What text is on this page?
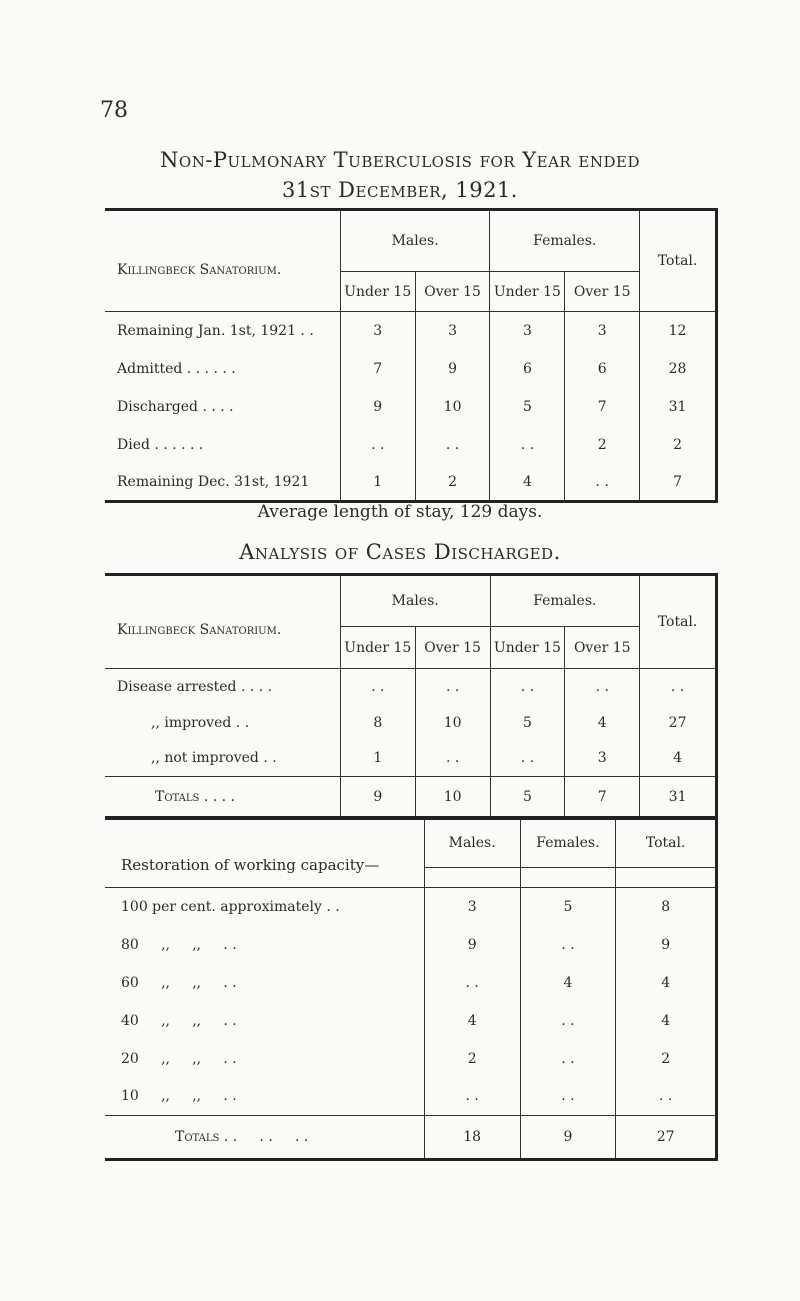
78
Non-Pulmonary Tuberculosis for Year ended
31st December, 1921.
Killingbeck Sanatorium.	Males.		Females.		Total.
	Under 15	Over 15	Under 15	Over 15	
Remaining Jan. 1st, 1921 . .	3	3	3	3	12
Admitted . . . . . .	7	9	6	6	28
Discharged . . . .	9	10	5	7	31
Died . . . . . .	. .	. .	. .	2	2
Remaining Dec. 31st, 1921	1	2	4	. .	7
Average length of stay, 129 days.
Analysis of Cases Discharged.
Killingbeck Sanatorium.	Males.		Females.		Total.
	Under 15	Over 15	Under 15	Over 15	
Disease arrested . . . .	. .	. .	. .	. .	. .
,, improved . .	8	10	5	4	27
,, not improved . .	1	. .	. .	3	4
Totals . . . .	9	10	5	7	31
Restoration of working capacity—	Males.	Females.	Total.

100 per cent. approximately . .	3	5	8
80     ,,     ,,     . .	9	. .	9
60     ,,     ,,     . .	. .	4	4
40     ,,     ,,     . .	4	. .	4
20     ,,     ,,     . .	2	. .	2
10     ,,     ,,     . .	. .	. .	. .
Totals . .     . .     . .	18	9	27
